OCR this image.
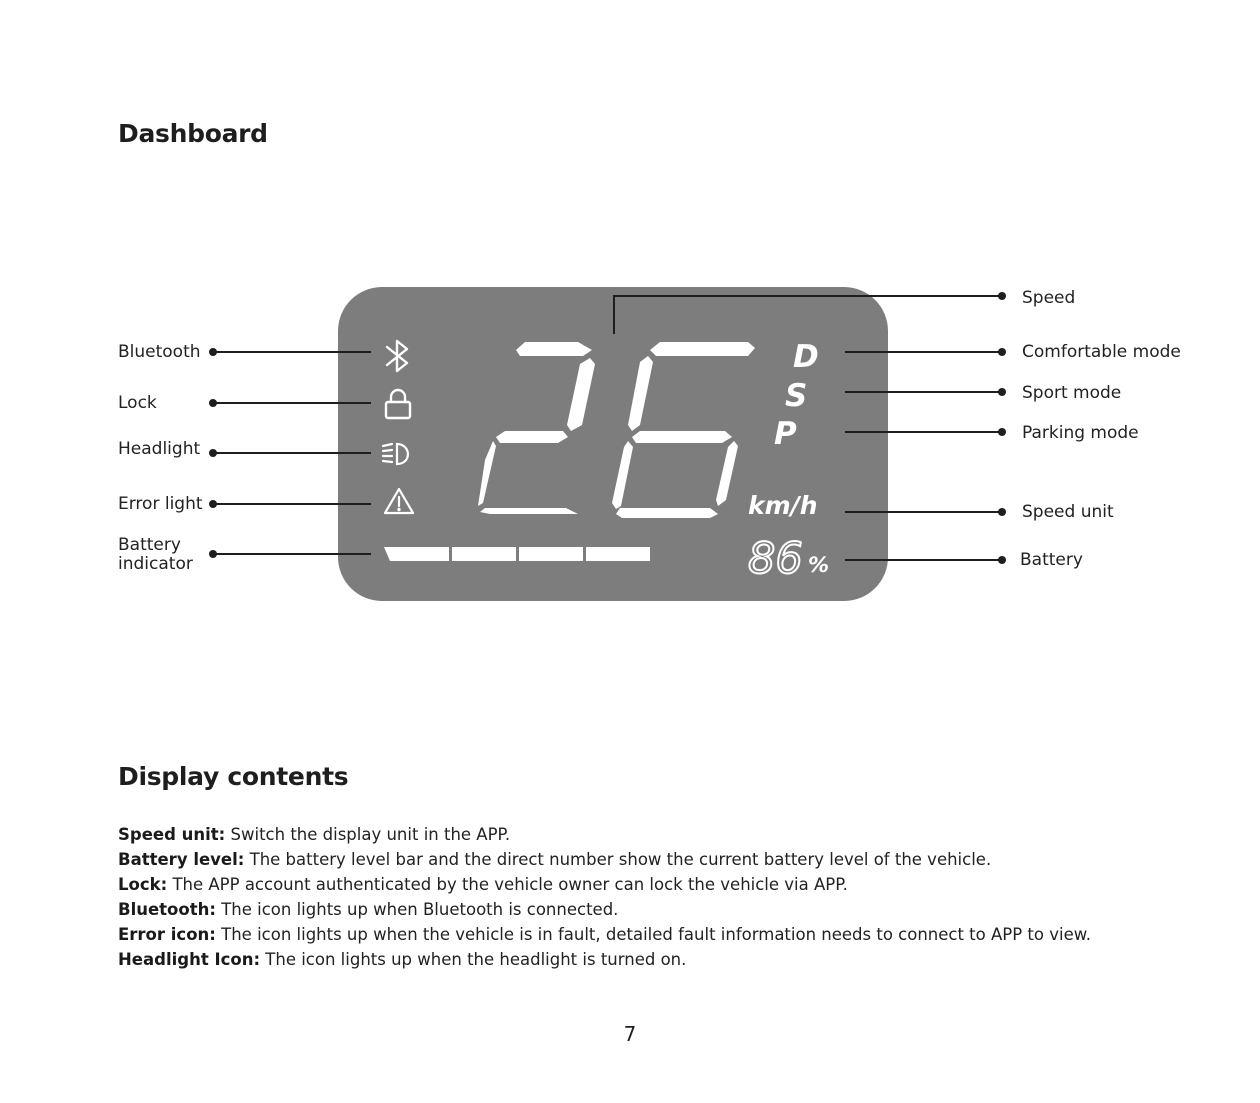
Dashboard
D
S
P
km/h
86 %
Bluetooth
Lock
Headlight
Error light
Battery
indicator
Speed
Comfortable mode
Sport mode
Parking mode
Speed unit
Battery
Display contents
Speed unit: Switch the display unit in the APP.
Battery level: The battery level bar and the direct number show the current battery level of the vehicle.
Lock: The APP account authenticated by the vehicle owner can lock the vehicle via APP.
Bluetooth: The icon lights up when Bluetooth is connected.
Error icon: The icon lights up when the vehicle is in fault, detailed fault information needs to connect to APP to view.
Headlight Icon: The icon lights up when the headlight is turned on.
7
